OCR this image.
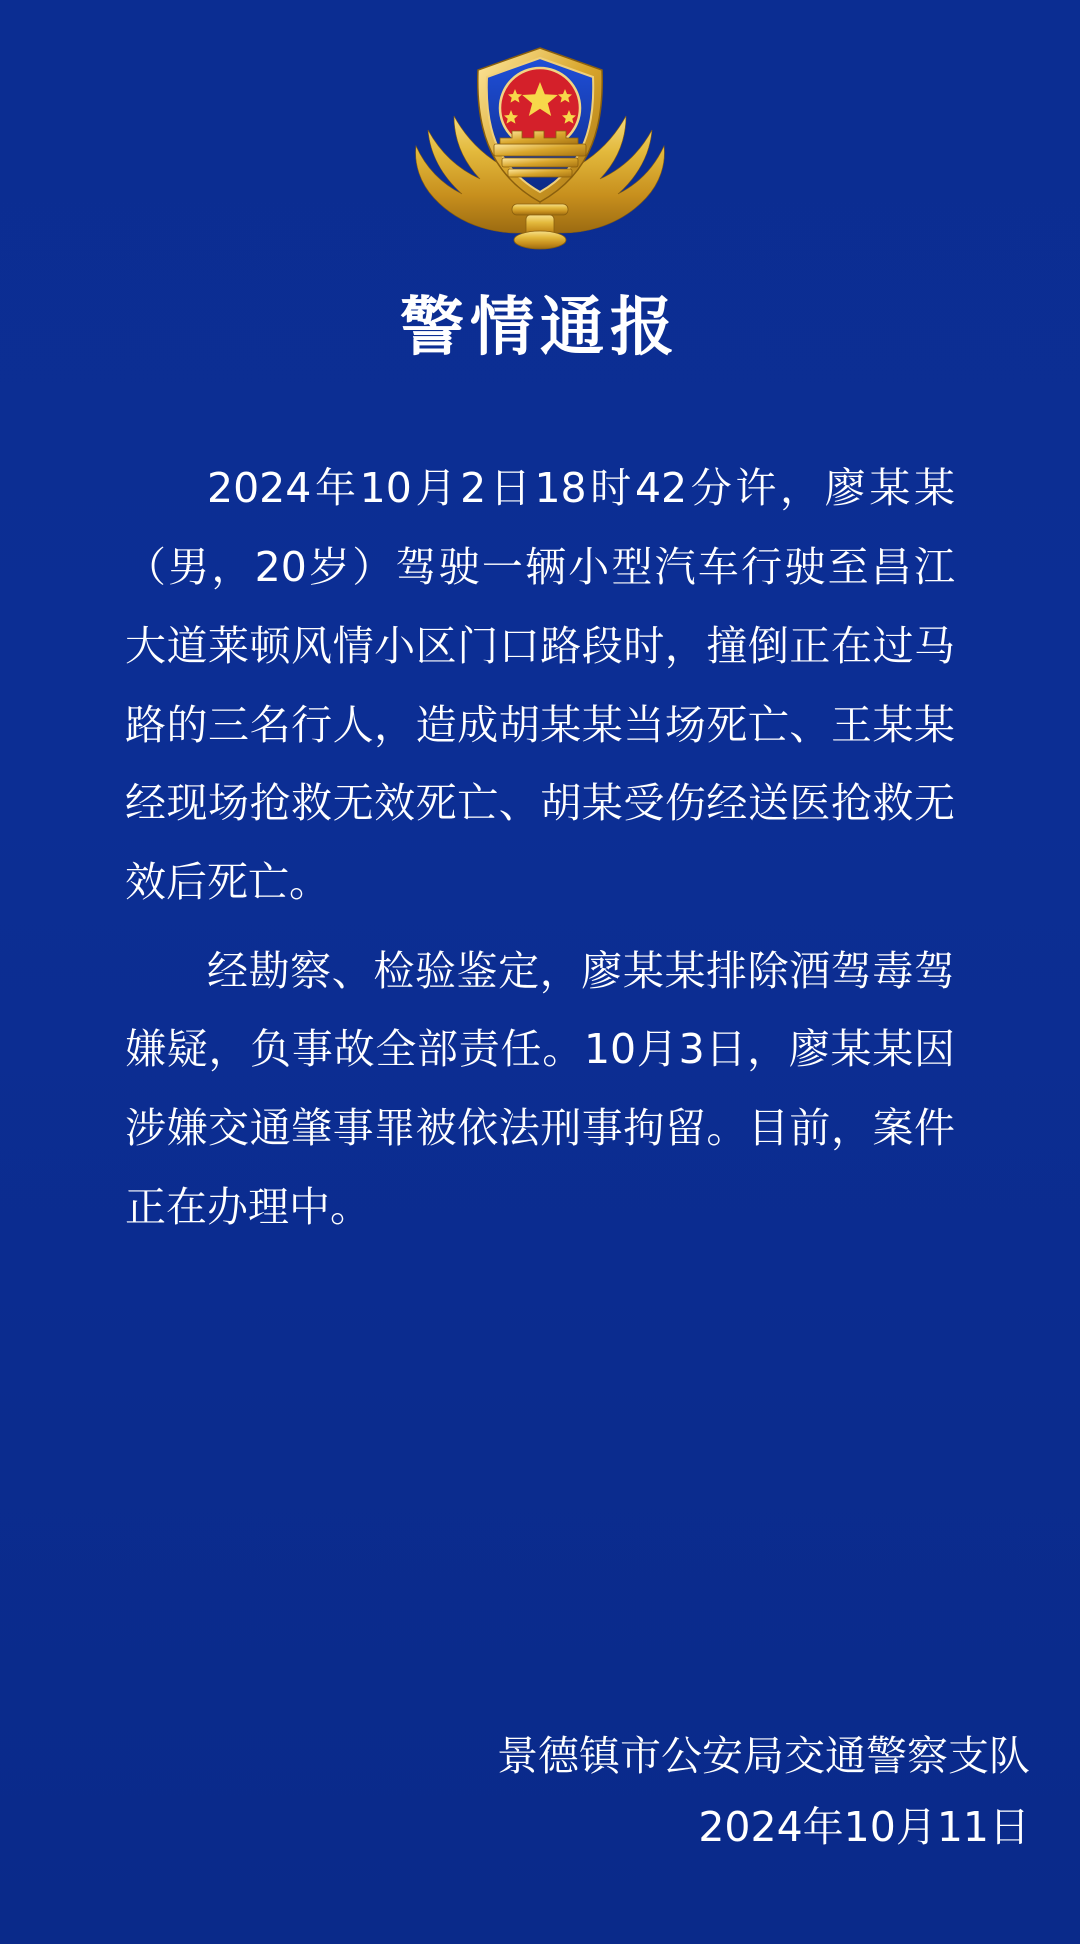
警情通报

2024年10月2日18时42分许，廖某某（男，20岁）驾驶一辆小型汽车行驶至昌江大道莱顿风情小区门口路段时，撞倒正在过马路的三名行人，造成胡某某当场死亡、王某某经现场抢救无效死亡、胡某受伤经送医抢救无效后死亡。

经勘察、检验鉴定，廖某某排除酒驾毒驾嫌疑，负事故全部责任。10月3日，廖某某因涉嫌交通肇事罪被依法刑事拘留。目前，案件正在办理中。

景德镇市公安局交通警察支队
2024年10月11日
